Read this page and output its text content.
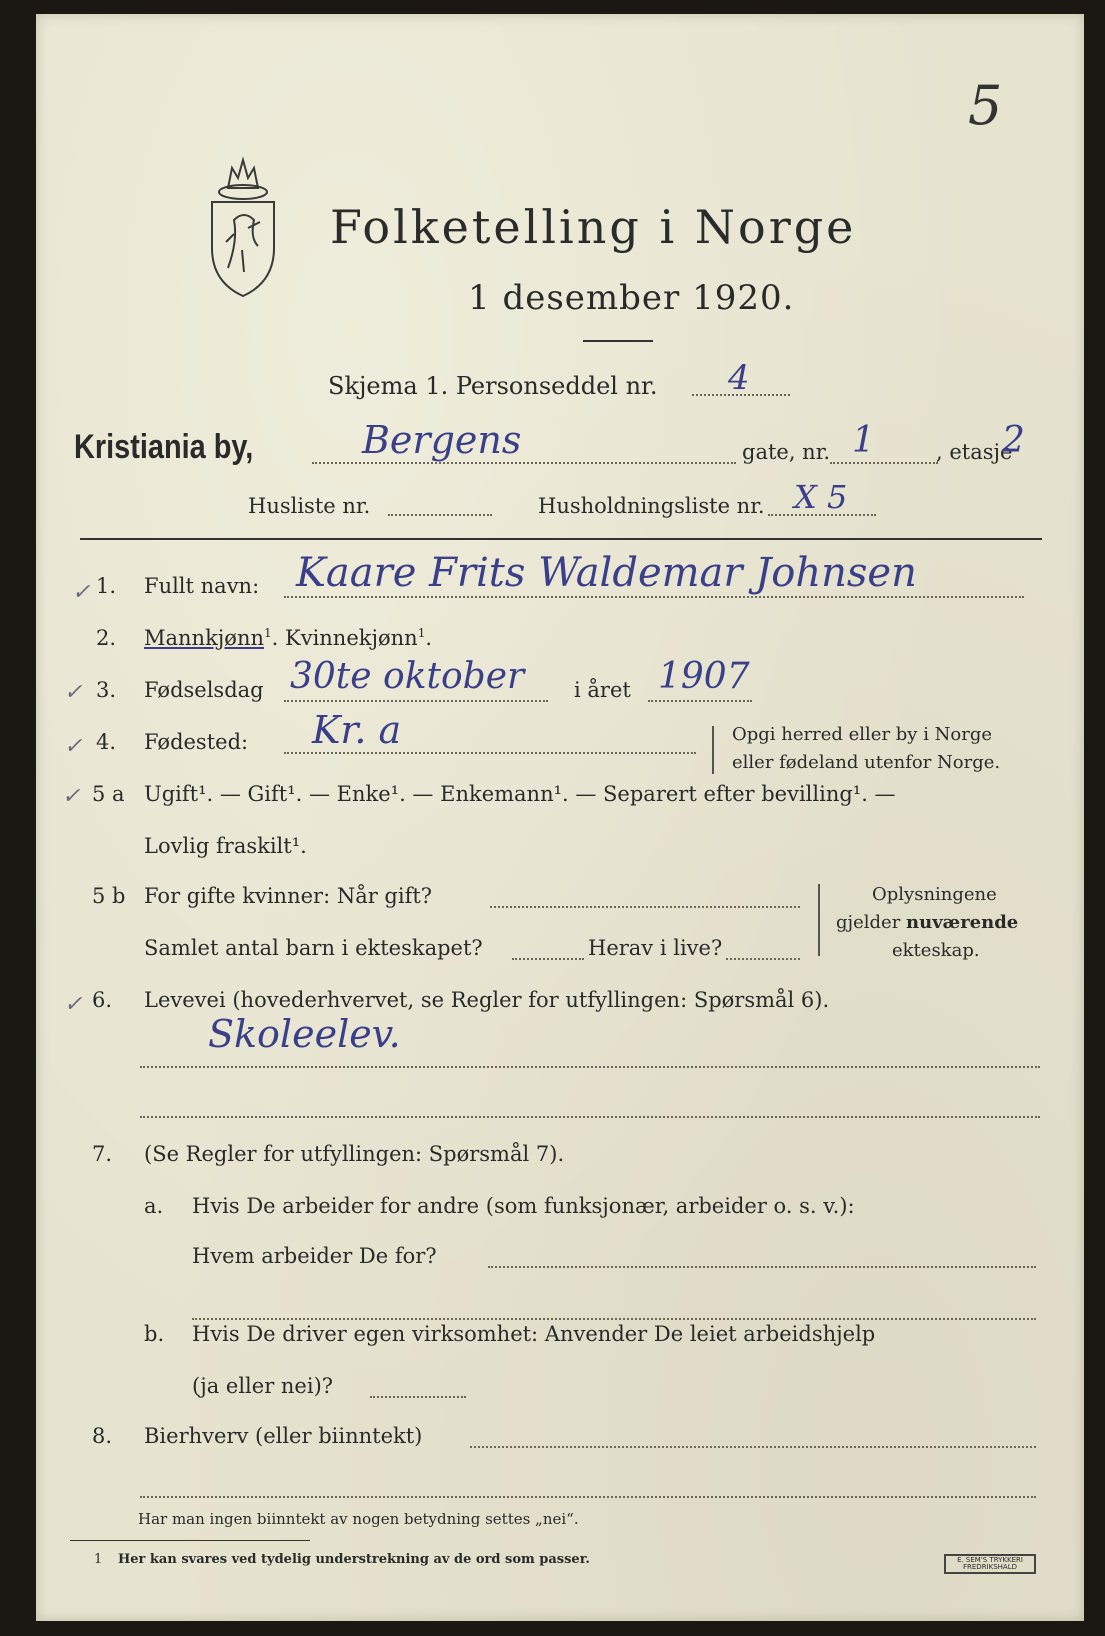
5
Folketelling i Norge
1 desember 1920.
Skjema 1. Personseddel nr. 4
Kristiania by,	Bergens	gate, nr. 1	, etasje
2
Husliste nr.	Husholdningsliste nr. X 5
✓ 1. Fullt navn: Kaare Frits Waldemar Johnsen
2. Mannkjønn$^1$. Kvinnekjønn$^1$.
✓ 3. Fødselsdag 30te oktober i året 1907
✓ 4. Fødested: Kr. a	Opgi herred eller by i Norge
eller fødeland utenfor Norge.
✓ 5 a Ugift¹. — Gift¹. — Enke¹. — Enkemann¹. — Separert efter bevilling¹. —
Lovlig fraskilt¹.
5 b For gifte kvinner: Når gift?
Samlet antal barn i ekteskapet?	Herav i live?
Oplysningene
gjelder nuværende
ekteskap.
✓ 6. Levevei (hovederhvervet, se Regler for utfyllingen: Spørsmål 6).
Skoleelev.
7. (Se Regler for utfyllingen: Spørsmål 7).
a. Hvis De arbeider for andre (som funksjonær, arbeider o. s. v.):
Hvem arbeider De for?
b. Hvis De driver egen virksomhet: Anvender De leiet arbeidshjelp
(ja eller nei)?
8. Bierhverv (eller biinntekt)
Har man ingen biinntekt av nogen betydning settes „nei“.
1 Her kan svares ved tydelig understrekning av de ord som passer.	E. SEM'S TRYKKERI FREDRIKSHALD
